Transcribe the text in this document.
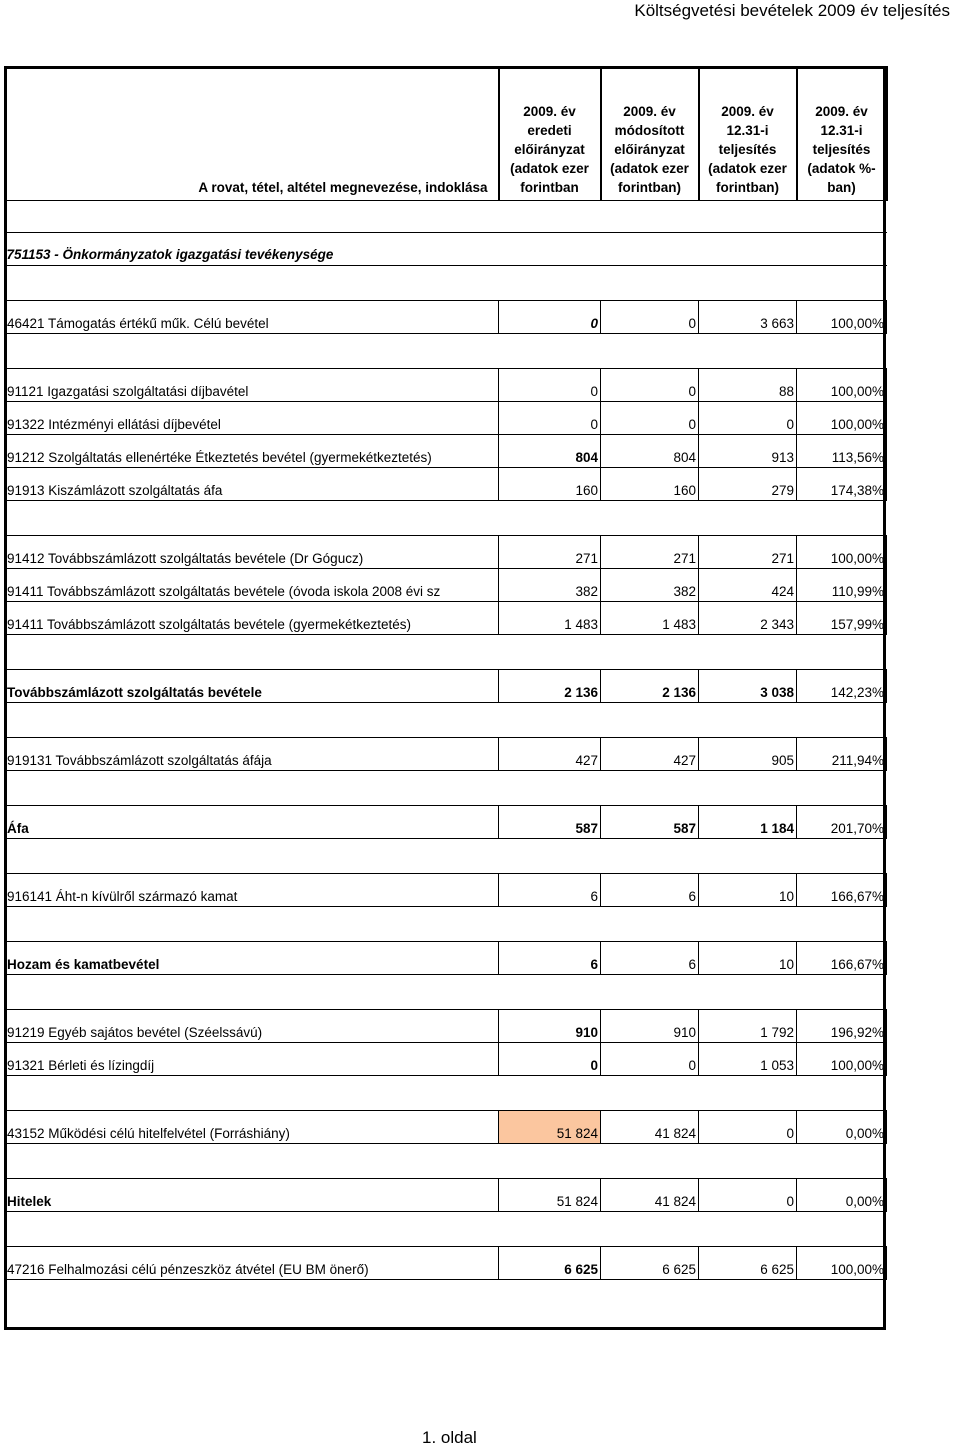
Költségvetési bevételek 2009 év teljesítés
A rovat, tétel, altétel megnevezése, indoklása	2009. év eredeti előirányzat (adatok ezer forintban	2009. év módosított előirányzat (adatok ezer forintban)	2009. év 12.31-i teljesítés (adatok ezer forintban)	2009. év 12.31-i teljesítés (adatok %-ban)

751153 - Önkormányzatok igazgatási tevékenysége				

46421 Támogatás értékű műk. Célú bevétel	0	0	3 663	100,00%

91121 Igazgatási szolgáltatási díjbavétel	0	0	88	100,00%
91322 Intézményi ellátási díjbevétel	0	0	0	100,00%
91212 Szolgáltatás ellenértéke Étkeztetés bevétel (gyermekétkeztetés)	804	804	913	113,56%
91913 Kiszámlázott szolgáltatás áfa	160	160	279	174,38%

91412 Továbbszámlázott szolgáltatás bevétele (Dr Gógucz)	271	271	271	100,00%
91411 Továbbszámlázott szolgáltatás bevétele (óvoda iskola 2008 évi sz	382	382	424	110,99%
91411 Továbbszámlázott szolgáltatás bevétele (gyermekétkeztetés)	1 483	1 483	2 343	157,99%

Továbbszámlázott szolgáltatás bevétele	2 136	2 136	3 038	142,23%

919131 Továbbszámlázott szolgáltatás áfája	427	427	905	211,94%

Áfa	587	587	1 184	201,70%

916141 Áht-n kívülről származó kamat	6	6	10	166,67%

Hozam és kamatbevétel	6	6	10	166,67%

91219 Egyéb sajátos bevétel (Széelssávú)	910	910	1 792	196,92%
91321 Bérleti és lízingdíj	0	0	1 053	100,00%

43152 Működési célú hitelfelvétel (Forráshiány)	51 824	41 824	0	0,00%

Hitelek	51 824	41 824	0	0,00%

47216 Felhalmozási célú pénzeszköz átvétel (EU BM önerő)	6 625	6 625	6 625	100,00%
1. oldal
